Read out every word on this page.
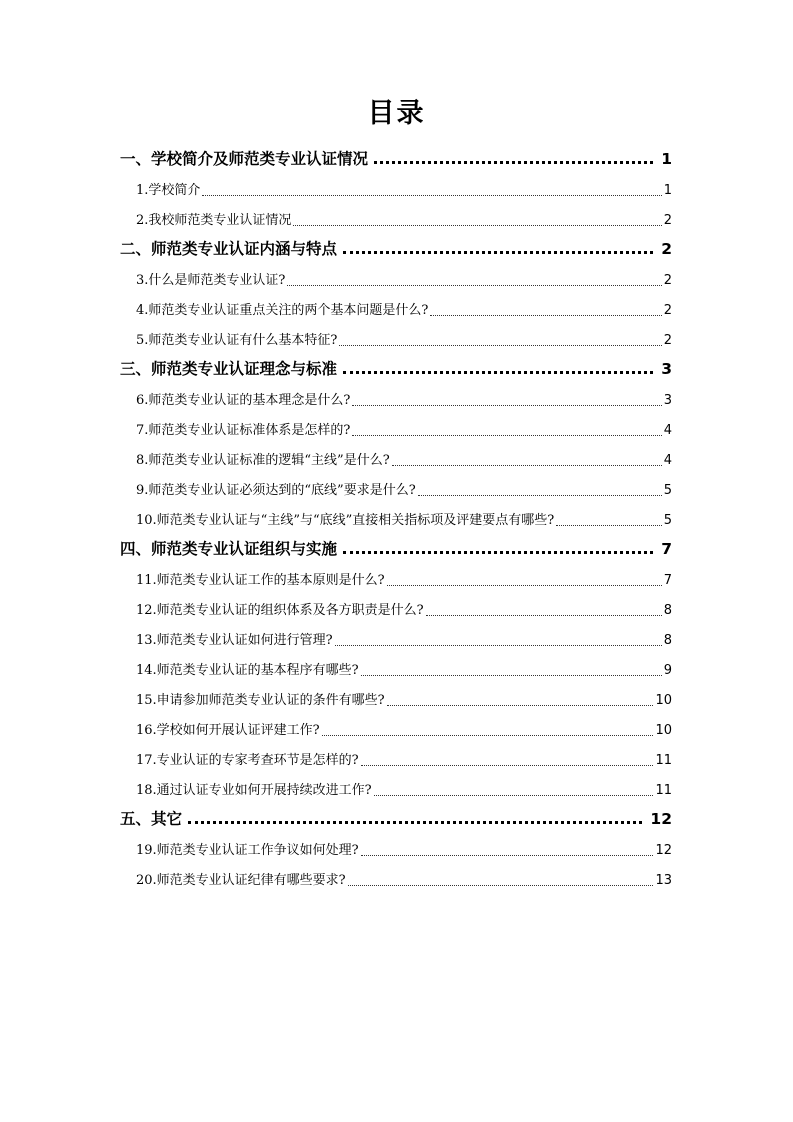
目录
一、学校简介及师范类专业认证情况	1
1.学校简介	1
2.我校师范类专业认证情况	2
二、师范类专业认证内涵与特点	2
3.什么是师范类专业认证?	2
4.师范类专业认证重点关注的两个基本问题是什么?	2
5.师范类专业认证有什么基本特征?	2
三、师范类专业认证理念与标准	3
6.师范类专业认证的基本理念是什么?	3
7.师范类专业认证标准体系是怎样的?	4
8.师范类专业认证标准的逻辑“主线”是什么?	4
9.师范类专业认证必须达到的“底线”要求是什么?	5
10.师范类专业认证与“主线”与“底线”直接相关指标项及评建要点有哪些?	5
四、师范类专业认证组织与实施	7
11.师范类专业认证工作的基本原则是什么?	7
12.师范类专业认证的组织体系及各方职责是什么?	8
13.师范类专业认证如何进行管理?	8
14.师范类专业认证的基本程序有哪些?	9
15.申请参加师范类专业认证的条件有哪些?	10
16.学校如何开展认证评建工作?	10
17.专业认证的专家考查环节是怎样的?	11
18.通过认证专业如何开展持续改进工作?	11
五、其它	12
19.师范类专业认证工作争议如何处理?	12
20.师范类专业认证纪律有哪些要求?	13
